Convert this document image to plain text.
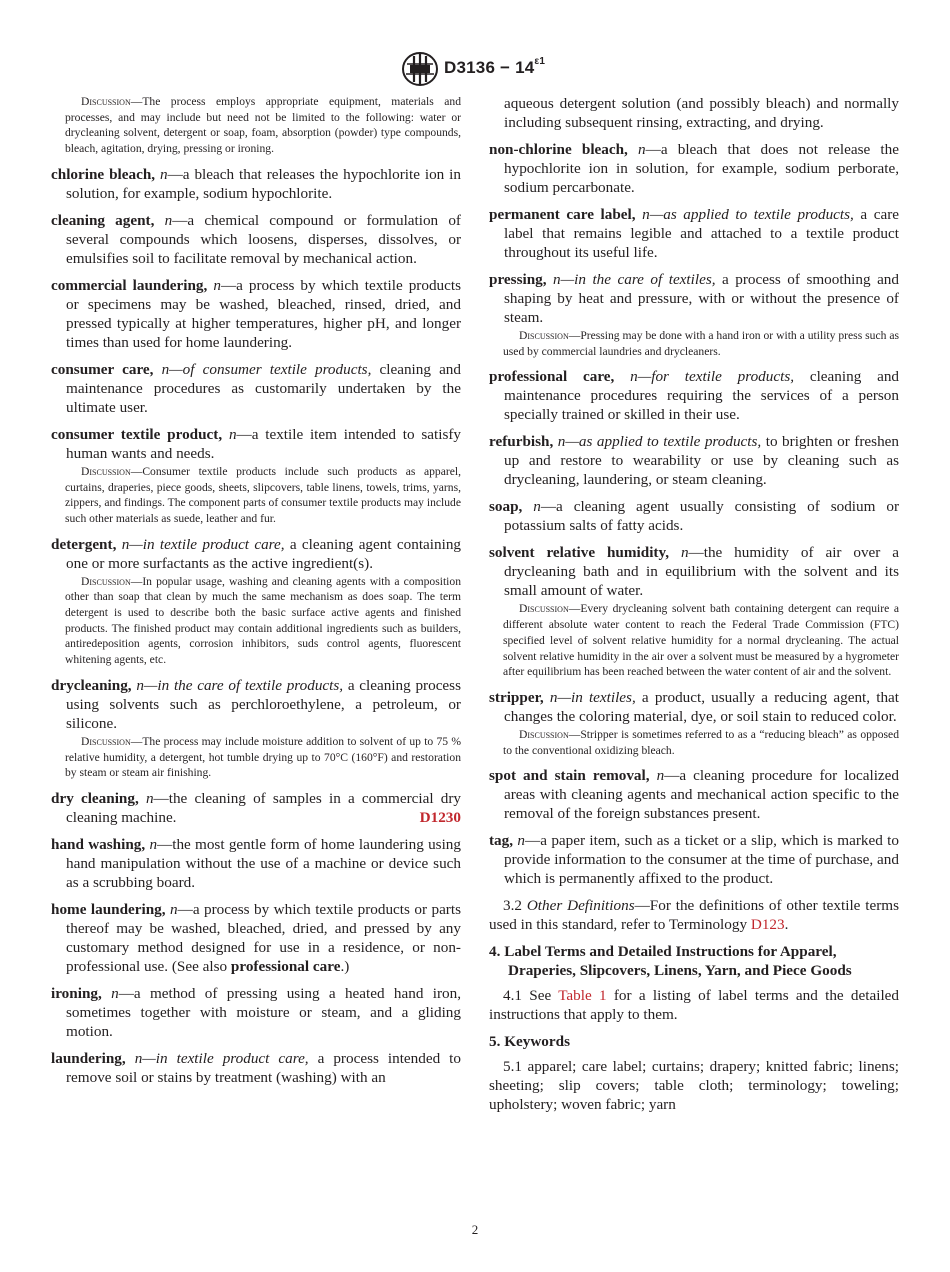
$D3136 - 14^{\varepsilon 1}$

Discussion—The process employs appropriate equipment, materials and processes, and may include but need not be limited to the following: water or drycleaning solvent, detergent or soap, foam, absorption (powder) type compounds, bleach, agitation, drying, pressing or ironing.

chlorine bleach, n—a bleach that releases the hypochlorite ion in solution, for example, sodium hypochlorite.

cleaning agent, n—a chemical compound or formulation of several compounds which loosens, disperses, dissolves, or emulsifies soil to facilitate removal by mechanical action.

commercial laundering, n—a process by which textile products or specimens may be washed, bleached, rinsed, dried, and pressed typically at higher temperatures, higher pH, and longer times than used for home laundering.

consumer care, n—of consumer textile products, cleaning and maintenance procedures as customarily undertaken by the ultimate user.

consumer textile product, n—a textile item intended to satisfy human wants and needs.

Discussion—Consumer textile products include such products as apparel, curtains, draperies, piece goods, sheets, slipcovers, table linens, towels, trims, yarns, zippers, and findings. The component parts of consumer textile products may include such other materials as suede, leather and fur.

detergent, n—in textile product care, a cleaning agent containing one or more surfactants as the active ingredient(s).

Discussion—In popular usage, washing and cleaning agents with a composition other than soap that clean by much the same mechanism as does soap. The term detergent is used to describe both the basic surface active agents and finished products. The finished product may contain additional ingredients such as builders, antiredeposition agents, corrosion inhibitors, suds control agents, fluorescent whitening agents, etc.

drycleaning, n—in the care of textile products, a cleaning process using solvents such as perchloroethylene, a petroleum, or silicone.

Discussion—The process may include moisture addition to solvent of up to 75 % relative humidity, a detergent, hot tumble drying up to 70°C (160°F) and restoration by steam or steam air finishing.

dry cleaning, n—the cleaning of samples in a commercial dry cleaning machine.	D1230

hand washing, n—the most gentle form of home laundering using hand manipulation without the use of a machine or device such as a scrubbing board.

home laundering, n—a process by which textile products or parts thereof may be washed, bleached, dried, and pressed by any customary method designed for use in a residence, or non-professional use. (See also professional care.)

ironing, n—a method of pressing using a heated hand iron, sometimes together with moisture or steam, and a gliding motion.

laundering, n—in textile product care, a process intended to remove soil or stains by treatment (washing) with an

aqueous detergent solution (and possibly bleach) and normally including subsequent rinsing, extracting, and drying.

non-chlorine bleach, n—a bleach that does not release the hypochlorite ion in solution, for example, sodium perborate, sodium percarbonate.

permanent care label, n—as applied to textile products, a care label that remains legible and attached to a textile product throughout its useful life.

pressing, n—in the care of textiles, a process of smoothing and shaping by heat and pressure, with or without the presence of steam.

Discussion—Pressing may be done with a hand iron or with a utility press such as used by commercial laundries and drycleaners.

professional care, n—for textile products, cleaning and maintenance procedures requiring the services of a person specially trained or skilled in their use.

refurbish, n—as applied to textile products, to brighten or freshen up and restore to wearability or use by cleaning such as drycleaning, laundering, or steam cleaning.

soap, n—a cleaning agent usually consisting of sodium or potassium salts of fatty acids.

solvent relative humidity, n—the humidity of air over a drycleaning bath and in equilibrium with the solvent and its small amount of water.

Discussion—Every drycleaning solvent bath containing detergent can require a different absolute water content to reach the Federal Trade Commission (FTC) specified level of solvent relative humidity for a normal drycleaning. The actual solvent relative humidity in the air over a solvent must be measured by a hygrometer after equilibrium has been reached between the water content of air and the solvent.

stripper, n—in textiles, a product, usually a reducing agent, that changes the coloring material, dye, or soil stain to reduced color.

Discussion—Stripper is sometimes referred to as a “reducing bleach” as opposed to the conventional oxidizing bleach.

spot and stain removal, n—a cleaning procedure for localized areas with cleaning agents and mechanical action specific to the removal of the foreign substances present.

tag, n—a paper item, such as a ticket or a slip, which is marked to provide information to the consumer at the time of purchase, and which is permanently affixed to the product.

3.2 Other Definitions—For the definitions of other textile terms used in this standard, refer to Terminology D123.

4. Label Terms and Detailed Instructions for Apparel, Draperies, Slipcovers, Linens, Yarn, and Piece Goods

4.1 See Table 1 for a listing of label terms and the detailed instructions that apply to them.

5. Keywords

5.1 apparel; care label; curtains; drapery; knitted fabric; linens; sheeting; slip covers; table cloth; terminology; toweling; upholstery; woven fabric; yarn

2
